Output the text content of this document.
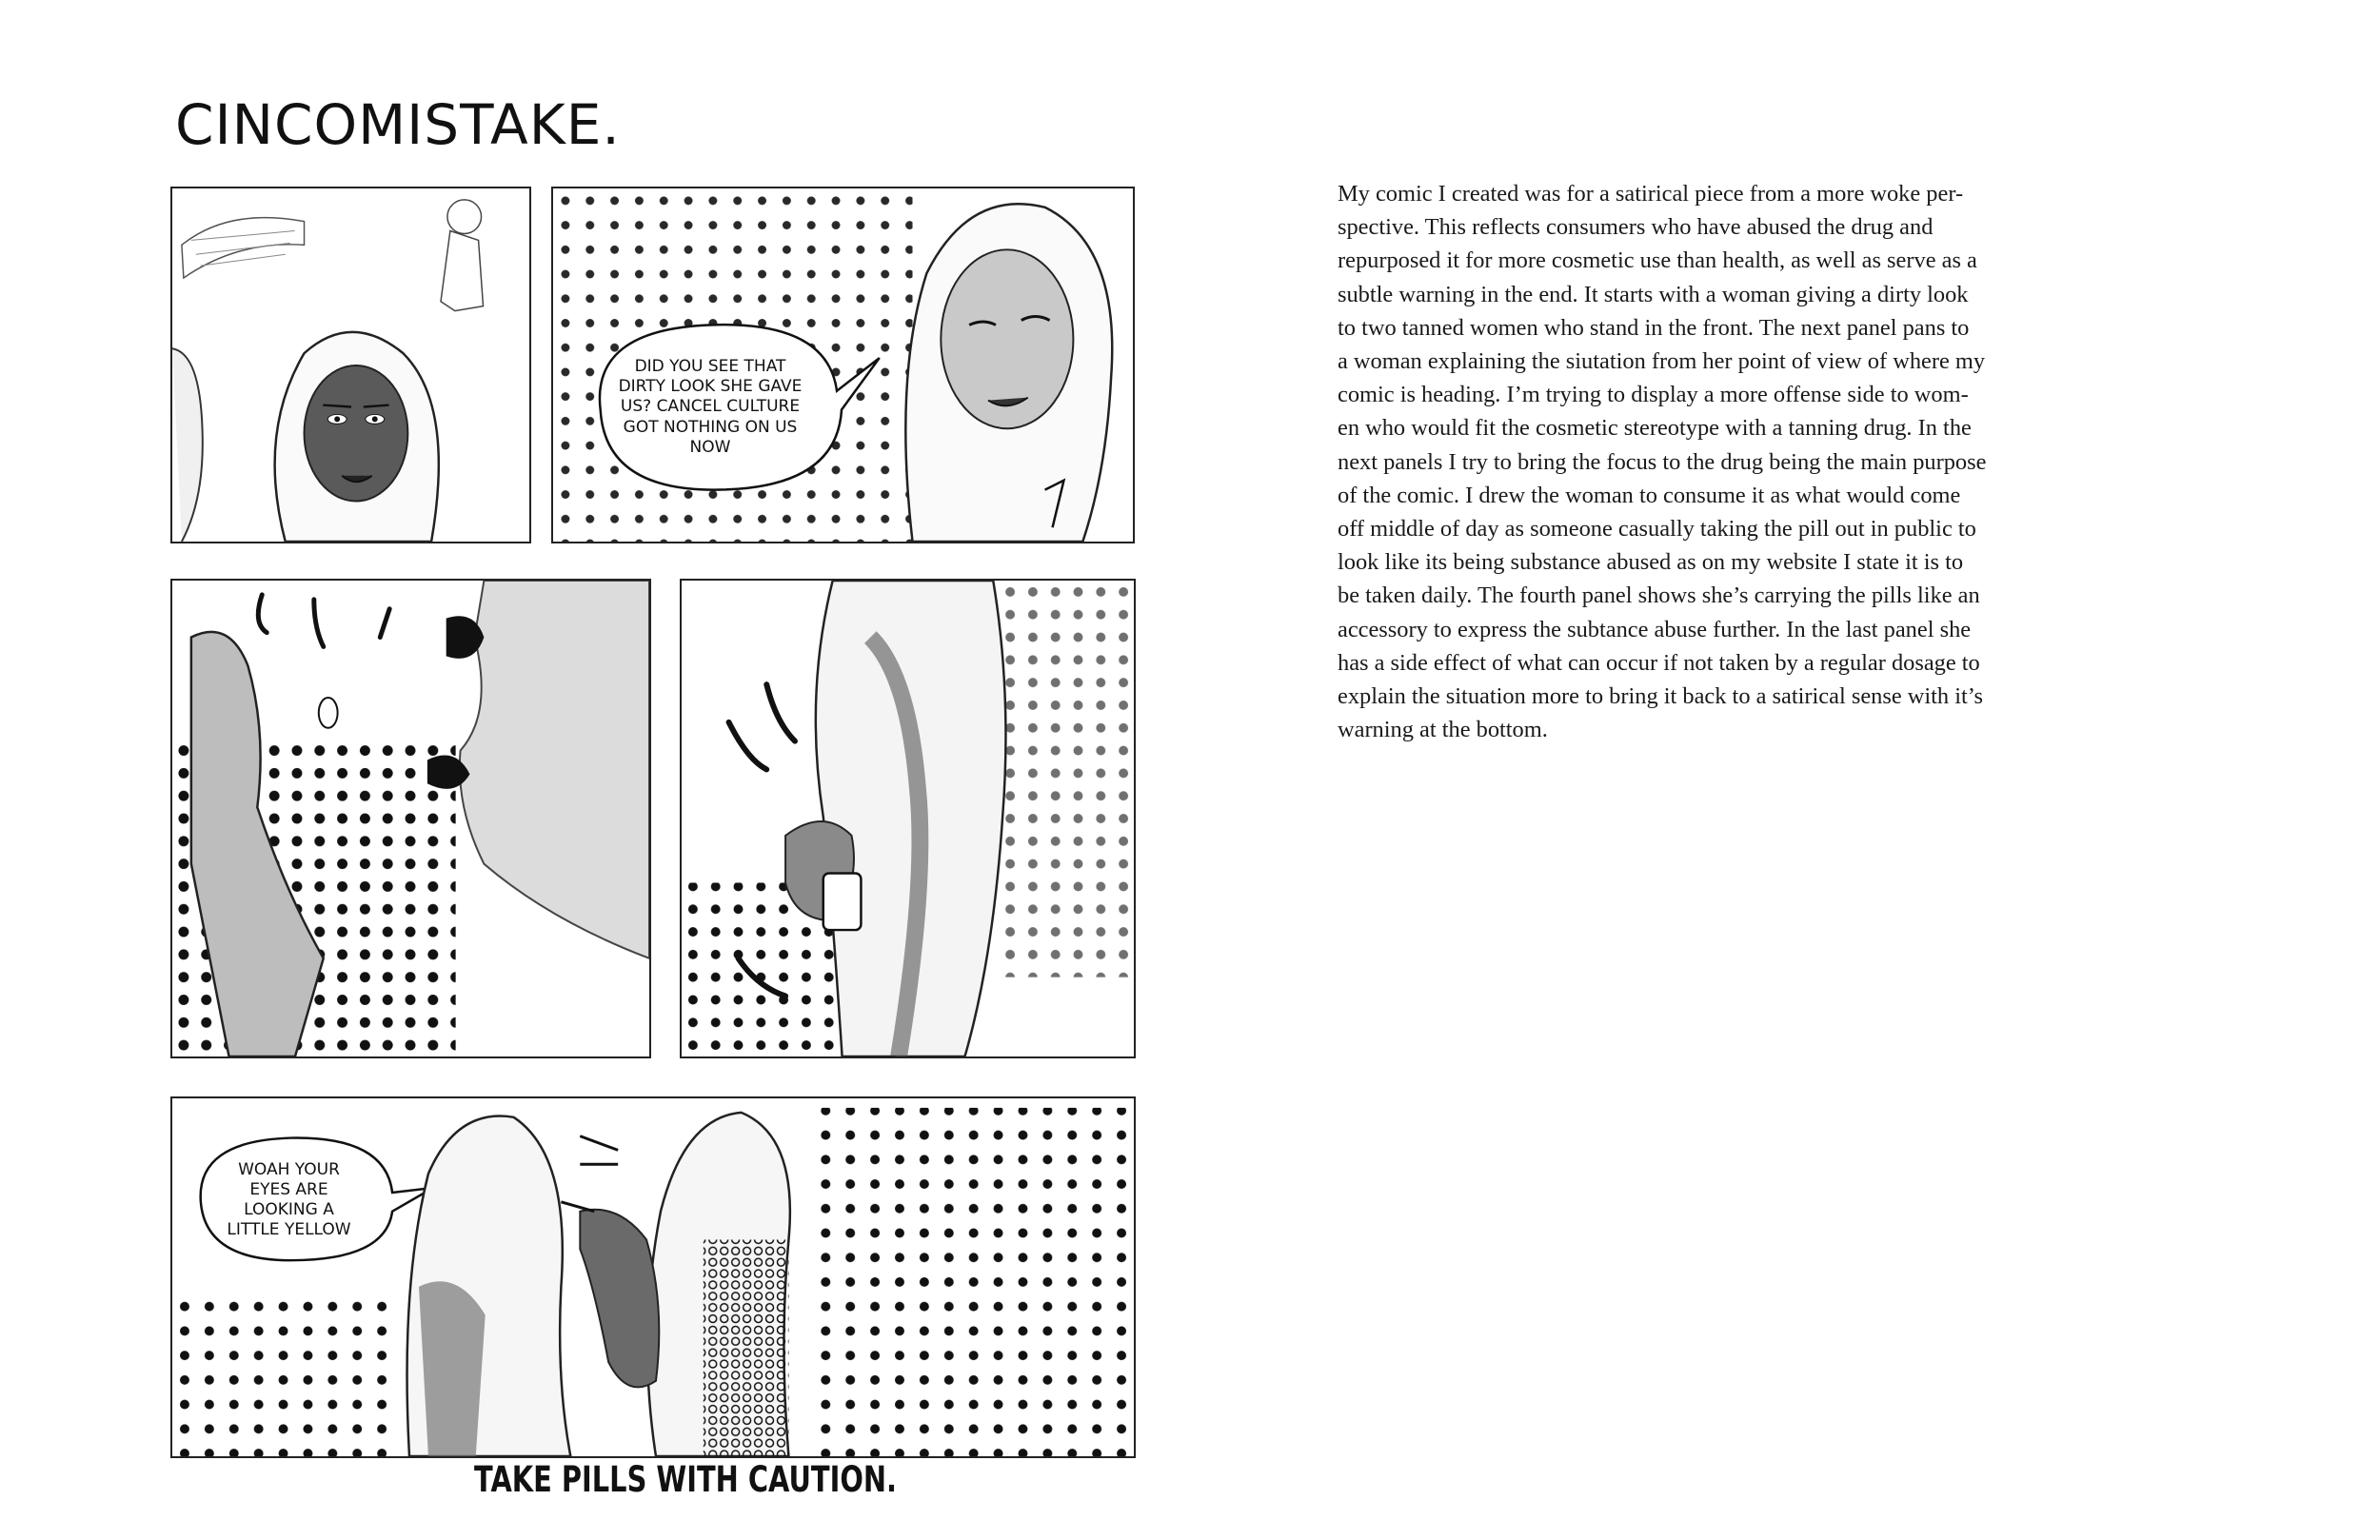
CINCOMISTAKE.
DID YOU SEE THAT
DIRTY LOOK SHE GAVE
US? CANCEL CULTURE
GOT NOTHING ON US
NOW
WOAH YOUR
EYES ARE
LOOKING A
LITTLE YELLOW
TAKE PILLS WITH CAUTION.

My comic I created was for a satirical piece from a more woke per-
spective. This reflects consumers who have abused the drug and
repurposed it for more cosmetic use than health, as well as serve as a
subtle warning in the end. It starts with a woman giving a dirty look
to two tanned women who stand in the front. The next panel pans to
a woman explaining the siutation from her point of view of where my
comic is heading. I’m trying to display a more offense side to wom-
en who would fit the cosmetic stereotype with a tanning drug. In the
next panels I try to bring the focus to the drug being the main purpose
of the comic. I drew the woman to consume it as what would come
off middle of day as someone casually taking the pill out in public to
look like its being substance abused as on my website I state it is to
be taken daily. The fourth panel shows she’s carrying the pills like an
accessory to express the subtance abuse further. In the last panel she
has a side effect of what can occur if not taken by a regular dosage to
explain the situation more to bring it back to a satirical sense with it’s
warning at the bottom.
